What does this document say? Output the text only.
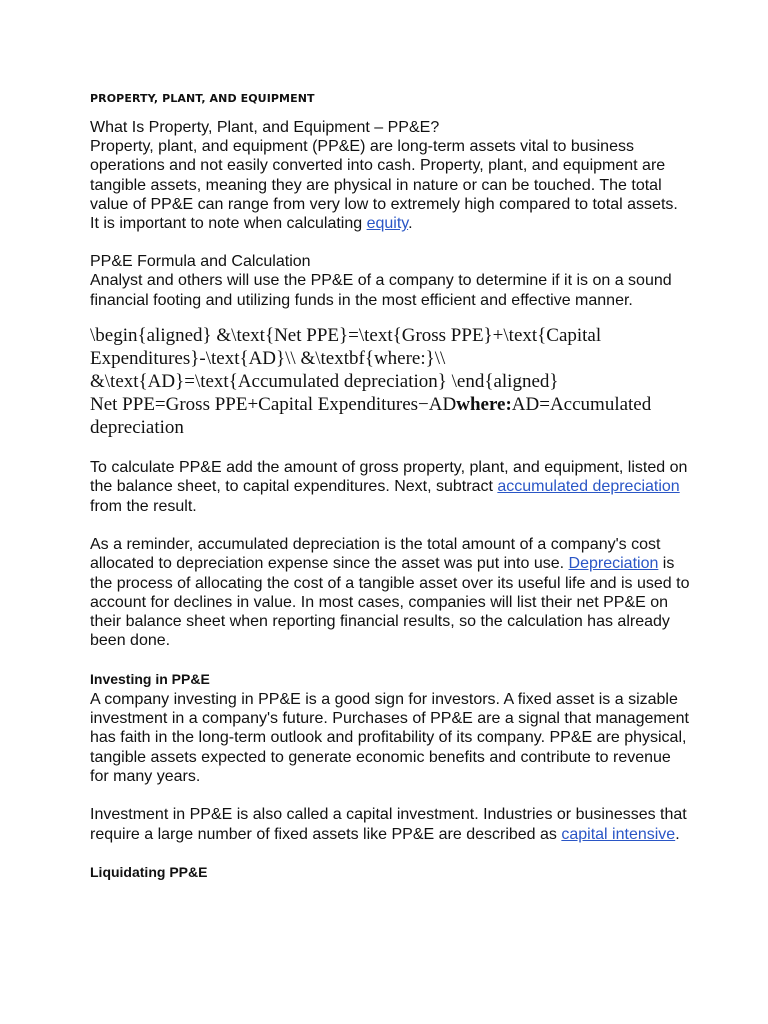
PROPERTY, PLANT, AND EQUIPMENT

What Is Property, Plant, and Equipment – PP&E?

Property, plant, and equipment (PP&E) are long-term assets vital to business operations and not easily converted into cash. Property, plant, and equipment are tangible assets, meaning they are physical in nature or can be touched. The total value of PP&E can range from very low to extremely high compared to total assets. It is important to note when calculating equity.

PP&E Formula and Calculation

Analyst and others will use the PP&E of a company to determine if it is on a sound financial footing and utilizing funds in the most efficient and effective manner.

\begin{aligned} &\text{Net PPE}=\text{Gross PPE}+\text{Capital Expenditures}-\text{AD}\\ &\textbf{where:}\\ &\text{AD}=\text{Accumulated depreciation} \end{aligned}

Net PPE=Gross PPE+Capital Expenditures−ADwhere:AD=Accumulated depreciation

To calculate PP&E add the amount of gross property, plant, and equipment, listed on the balance sheet, to capital expenditures. Next, subtract accumulated depreciation from the result.

As a reminder, accumulated depreciation is the total amount of a company's cost allocated to depreciation expense since the asset was put into use. Depreciation is the process of allocating the cost of a tangible asset over its useful life and is used to account for declines in value. In most cases, companies will list their net PP&E on their balance sheet when reporting financial results, so the calculation has already been done.

Investing in PP&E

A company investing in PP&E is a good sign for investors. A fixed asset is a sizable investment in a company's future. Purchases of PP&E are a signal that management has faith in the long-term outlook and profitability of its company. PP&E are physical, tangible assets expected to generate economic benefits and contribute to revenue for many years.

Investment in PP&E is also called a capital investment. Industries or businesses that require a large number of fixed assets like PP&E are described as capital intensive.

Liquidating PP&E
